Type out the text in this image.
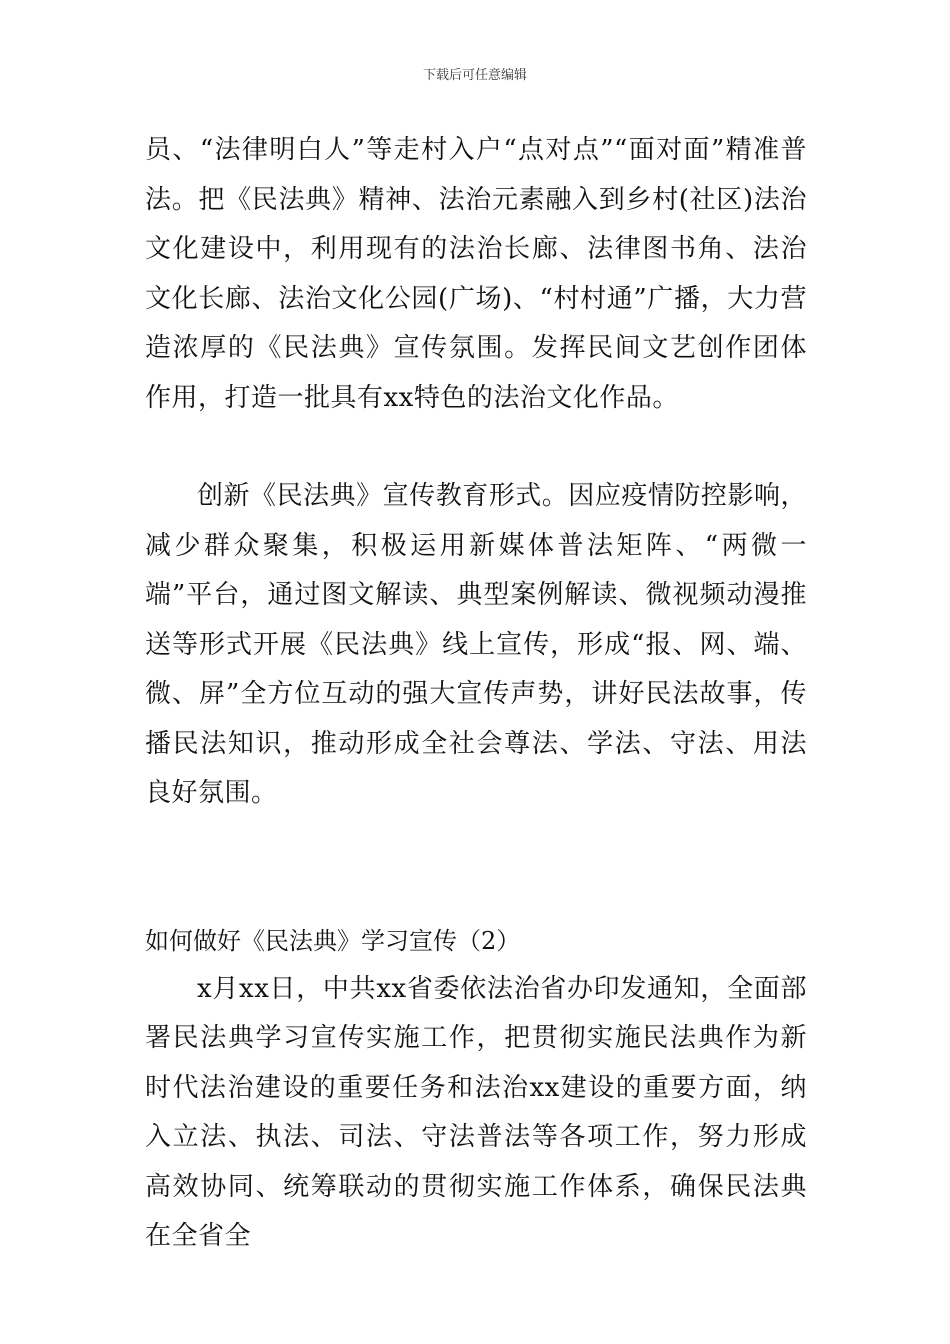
下载后可任意编辑

员、“法律明白人”等走村入户“点对点”“面对面”精准普法。把《民法典》精神、法治元素融入到乡村(社区)法治文化建设中，利用现有的法治长廊、法律图书角、法治文化长廊、法治文化公园(广场)、“村村通”广播，大力营造浓厚的《民法典》宣传氛围。发挥民间文艺创作团体作用，打造一批具有xx特色的法治文化作品。

创新《民法典》宣传教育形式。因应疫情防控影响，减少群众聚集，积极运用新媒体普法矩阵、“两微一端”平台，通过图文解读、典型案例解读、微视频动漫推送等形式开展《民法典》线上宣传，形成“报、网、端、微、屏”全方位互动的强大宣传声势，讲好民法故事，传播民法知识，推动形成全社会尊法、学法、守法、用法良好氛围。

如何做好《民法典》学习宣传（2）

x月xx日，中共xx省委依法治省办印发通知，全面部署民法典学习宣传实施工作，把贯彻实施民法典作为新时代法治建设的重要任务和法治xx建设的重要方面，纳入立法、执法、司法、守法普法等各项工作，努力形成高效协同、统筹联动的贯彻实施工作体系，确保民法典在全省全
